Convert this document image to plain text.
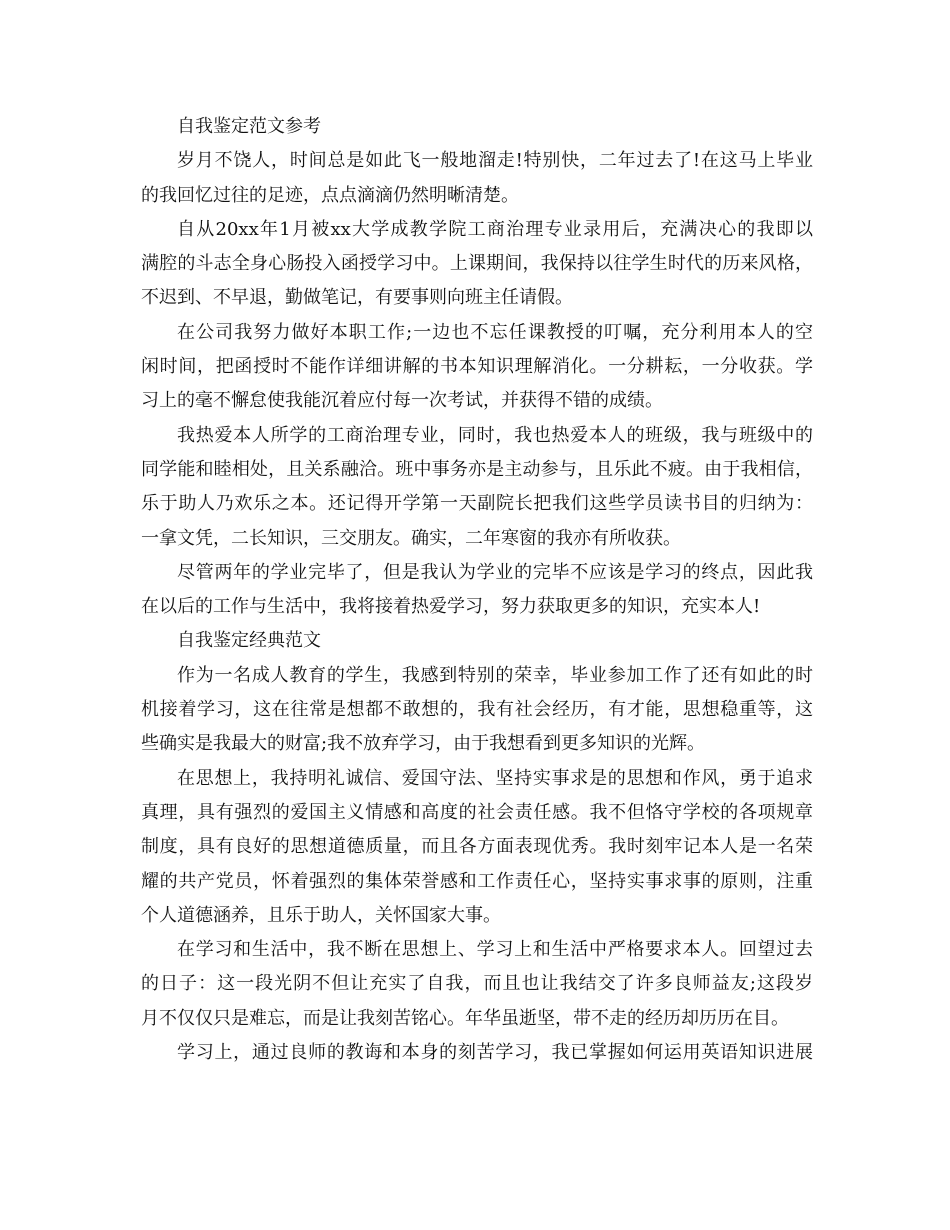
自我鉴定范文参考
岁月不饶人，时间总是如此飞一般地溜走!特别快，二年过去了!在这马上毕业
的我回忆过往的足迹，点点滴滴仍然明晰清楚。
自从20xx年1月被xx大学成教学院工商治理专业录用后，充满决心的我即以
满腔的斗志全身心肠投入函授学习中。上课期间，我保持以往学生时代的历来风格，
不迟到、不早退，勤做笔记，有要事则向班主任请假。
在公司我努力做好本职工作;一边也不忘任课教授的叮嘱，充分利用本人的空
闲时间，把函授时不能作详细讲解的书本知识理解消化。一分耕耘，一分收获。学
习上的毫不懈怠使我能沉着应付每一次考试，并获得不错的成绩。
我热爱本人所学的工商治理专业，同时，我也热爱本人的班级，我与班级中的
同学能和睦相处，且关系融洽。班中事务亦是主动参与，且乐此不疲。由于我相信，
乐于助人乃欢乐之本。还记得开学第一天副院长把我们这些学员读书目的归纳为：
一拿文凭，二长知识，三交朋友。确实，二年寒窗的我亦有所收获。
尽管两年的学业完毕了，但是我认为学业的完毕不应该是学习的终点，因此我
在以后的工作与生活中，我将接着热爱学习，努力获取更多的知识，充实本人!
自我鉴定经典范文
作为一名成人教育的学生，我感到特别的荣幸，毕业参加工作了还有如此的时
机接着学习，这在往常是想都不敢想的，我有社会经历，有才能，思想稳重等，这
些确实是我最大的财富;我不放弃学习，由于我想看到更多知识的光辉。
在思想上，我持明礼诚信、爱国守法、坚持实事求是的思想和作风，勇于追求
真理，具有强烈的爱国主义情感和高度的社会责任感。我不但恪守学校的各项规章
制度，具有良好的思想道德质量，而且各方面表现优秀。我时刻牢记本人是一名荣
耀的共产党员，怀着强烈的集体荣誉感和工作责任心，坚持实事求事的原则，注重
个人道德涵养，且乐于助人，关怀国家大事。
在学习和生活中，我不断在思想上、学习上和生活中严格要求本人。回望过去
的日子：这一段光阴不但让充实了自我，而且也让我结交了许多良师益友;这段岁
月不仅仅只是难忘，而是让我刻苦铭心。年华虽逝坚，带不走的经历却历历在目。
学习上，通过良师的教诲和本身的刻苦学习，我已掌握如何运用英语知识进展
